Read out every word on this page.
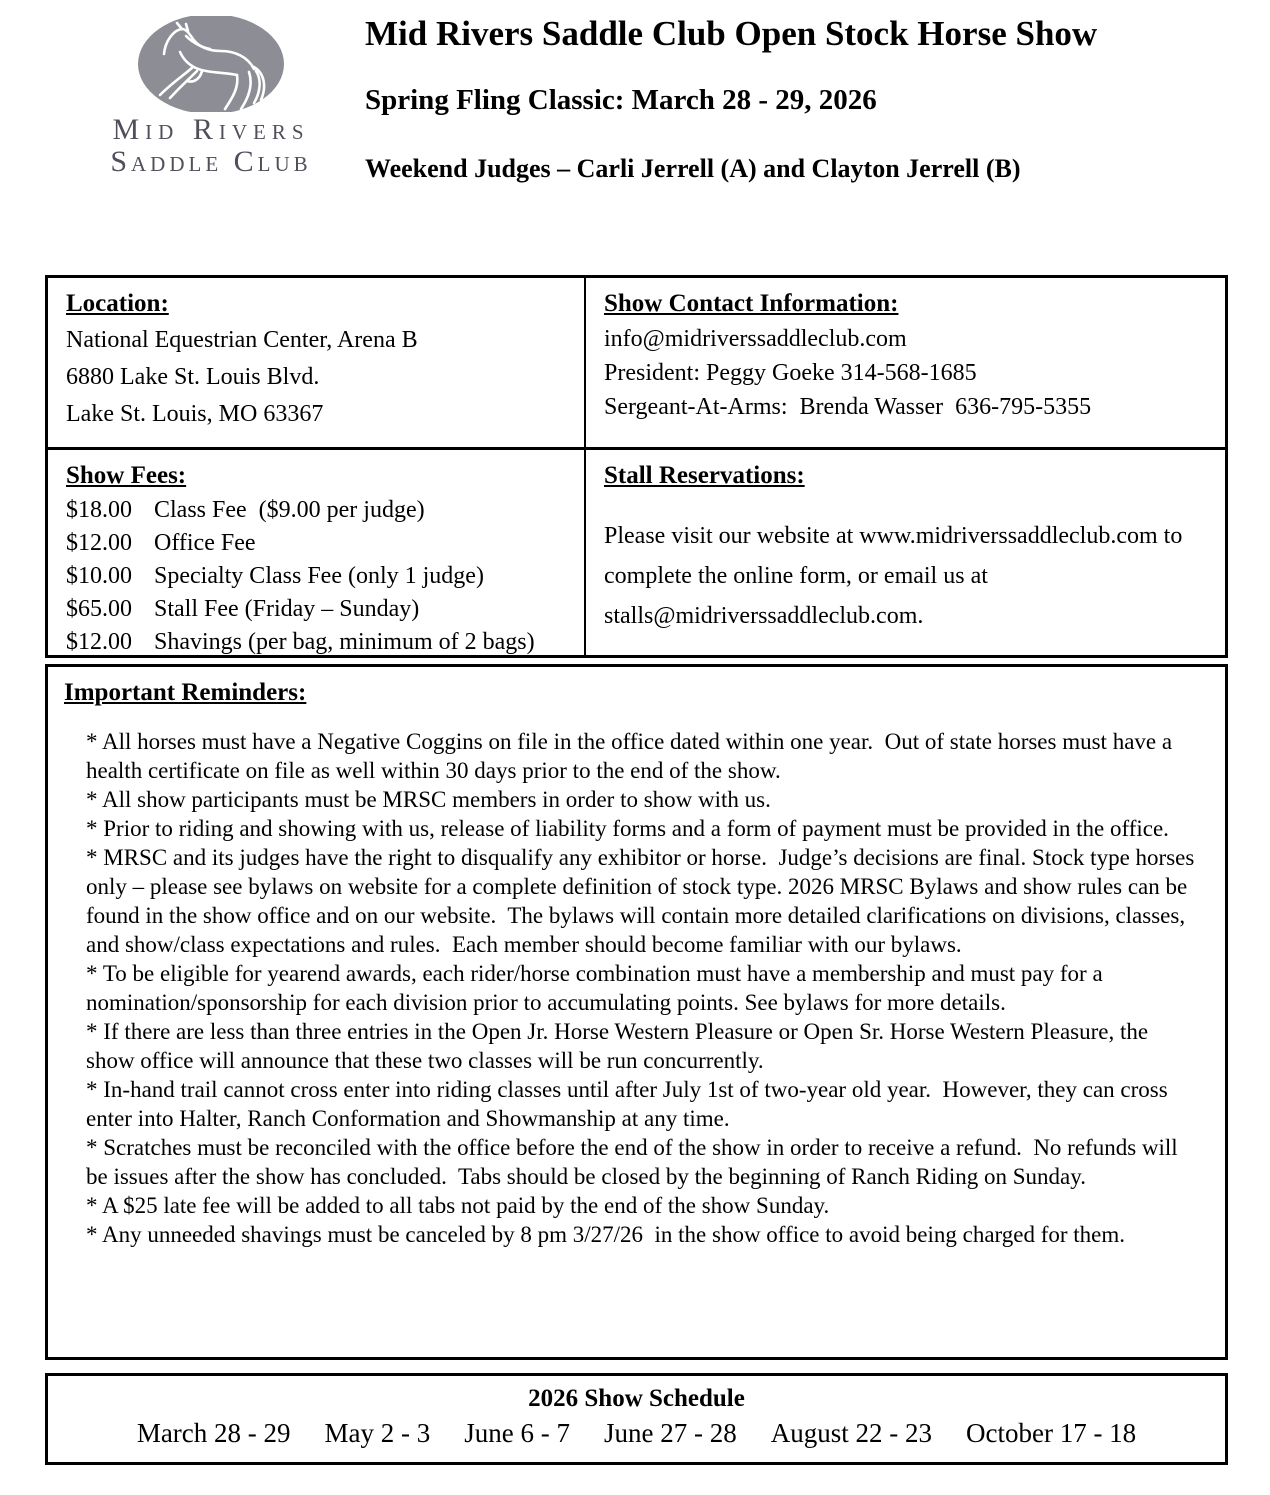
Mid Rivers
Saddle Club
Mid Rivers Saddle Club Open Stock Horse Show
Spring Fling Classic: March 28 - 29, 2026
Weekend Judges – Carli Jerrell (A) and Clayton Jerrell (B)
Location:
National Equestrian Center, Arena B
6880 Lake St. Louis Blvd.
Lake St. Louis, MO 63367
Show Contact Information:
info@midriverssaddleclub.com
President: Peggy Goeke 314-568-1685
Sergeant-At-Arms:  Brenda Wasser  636-795-5355
Show Fees:
$18.00 Class Fee  ($9.00 per judge)
$12.00 Office Fee
$10.00 Specialty Class Fee (only 1 judge)
$65.00 Stall Fee (Friday – Sunday)
$12.00 Shavings (per bag, minimum of 2 bags)
Stall Reservations:
Please visit our website at www.midriverssaddleclub.com to complete the online form, or email us at stalls@midriverssaddleclub.com.
Important Reminders:
* All horses must have a Negative Coggins on file in the office dated within one year.  Out of state horses must have a health certificate on file as well within 30 days prior to the end of the show.
* All show participants must be MRSC members in order to show with us.
* Prior to riding and showing with us, release of liability forms and a form of payment must be provided in the office.
* MRSC and its judges have the right to disqualify any exhibitor or horse.  Judge’s decisions are final. Stock type horses only – please see bylaws on website for a complete definition of stock type. 2026 MRSC Bylaws and show rules can be found in the show office and on our website.  The bylaws will contain more detailed clarifications on divisions, classes, and show/class expectations and rules.  Each member should become familiar with our bylaws.
* To be eligible for yearend awards, each rider/horse combination must have a membership and must pay for a nomination/sponsorship for each division prior to accumulating points. See bylaws for more details.
* If there are less than three entries in the Open Jr. Horse Western Pleasure or Open Sr. Horse Western Pleasure, the show office will announce that these two classes will be run concurrently.
* In-hand trail cannot cross enter into riding classes until after July 1st of two-year old year.  However, they can cross enter into Halter, Ranch Conformation and Showmanship at any time.
* Scratches must be reconciled with the office before the end of the show in order to receive a refund.  No refunds will be issues after the show has concluded.  Tabs should be closed by the beginning of Ranch Riding on Sunday.
* A $25 late fee will be added to all tabs not paid by the end of the show Sunday.
* Any unneeded shavings must be canceled by 8 pm 3/27/26  in the show office to avoid being charged for them.
2026 Show Schedule
March 28 - 29 May 2 - 3 June 6 - 7 June 27 - 28 August 22 - 23 October 17 - 18
